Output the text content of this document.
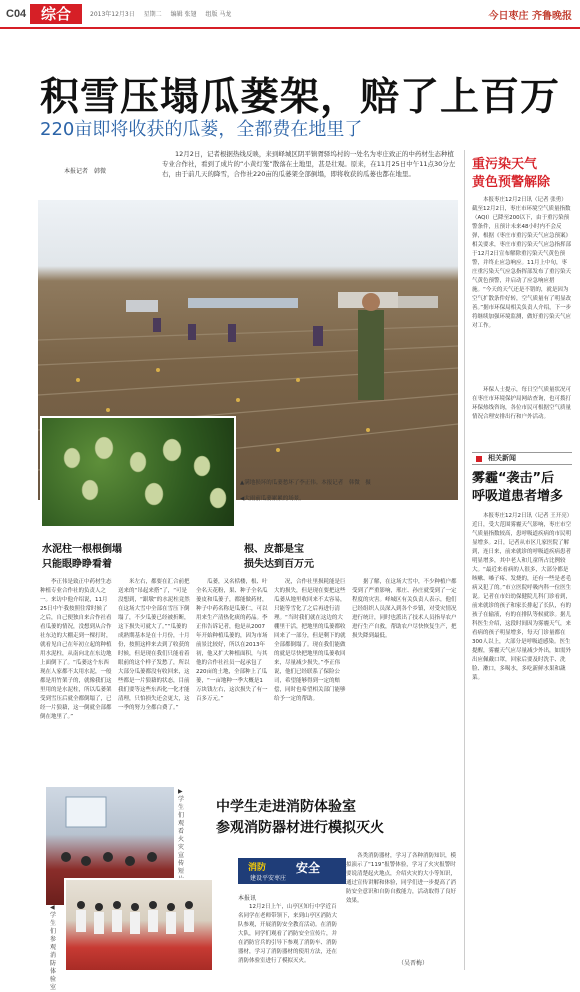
C04 综合	2013年12月3日 星期二 编辑 张翅 组版 马龙	今日枣庄 齐鲁晚报
积雪压塌瓜蒌架，赔了上百万
220亩即将收获的瓜蒌，全都费在地里了
本报记者　韩微

12月2日，记者根据热线反映，来到峄城区阴平镇胥驿坞村的一处名为枣庄致正的中药材生态种植专业合作社，看到了成片的“小黄灯笼”散落在土地里，甚是壮观。原来，在11月25日中午11点30分左右，由于前几天的降雪，合作社220亩的瓜蒌架全部倒塌，即将收获的瓜蒌也都在地里。

▲满地损坏的瓜蒌愁坏了李正伟。本报记者　韩微　摄
◀大雨前瓜蒌累累的场景。
水泥柱一根根倒塌
只能眼睁睁看着
根、皮都是宝
损失达到百万元

李正伟是致正中药材生态种植专业合作社的负责人之一。来访中他介绍说，11月25日中午我按照往常时候了之后，自己便独自来合作社看看瓜蒌的情况，没想到从合作社东边的大棚走到一棵打时，就看见自己在年初立起的种植用水泥柱，从南向北在东边地上面倒下了。“瓜蒌这个东西现在人家都不太用水泥，一般都是用竹架子的，就像我们这里用的是水泥柱，所以瓜蒌架受到雪压后就全都倒塌了，已经一片狼藉，这一倒就全部都倒在地里了。”

米左右，都要在汇合前把送来的“吊起来搭”了，“可是没想到，“跟墩”的水泥柱竟然在这场大雪中全部在雪压下倒塌了，不少瓜蒌已经被折断，这下损失可就大了。”“瓜蒌的成熟期基本是在十月份，十月份，按照这样来去到了收获的时候，但是现在我们只能看着眼前的这个样子发愁了，所以大部分瓜蒌都没有收回来，这些都是一片狼藉的状态，目前我们要等这些东西化一化才能清理，只怕损失还会更大，这一季的努力全都白费了。”

瓜蒌，又名栝楼，根、叶全名天花粉，果、种子全名瓜蒌皮和瓜蒌子，都能做药材，种子中药名称是瓜蒌仁，可以用来生产清热化痰的药品。李正伟告诉记者，他是从2007年开始种植瓜蒌的，因为市场前景比较好，所以在2013年初，他又扩大种植面积，与其他的合作社社员一起承包了220亩的土地，全部种上了瓜蒌，“一亩地种一季大概是1万块钱左右，这次损失了有一百多万元。”

况，合作社里损耗能是巨大的损失，但是现在要把这些瓜蒌从地里收回来不太容易，只能等雪化了之后再进行清理。“当时我们就在这边的大棚里干活，把地里的瓜蒌都收回来了一部分，但是剩下的就全部都倒塌了。现在我们能做的就是尽快把地里的瓜蒌收回来，尽量减少损失。”李正伟说，他们已经联系了保险公司，希望能够得到一定的赔偿，同时也希望相关部门能够给予一定的帮助。

据了解，在这场大雪中，不少种植户都受到了严重影响，邢庄、孙庄就受到了一定程度的灾害。峄城区有关负责人表示，他们已经组织人员深入到各个乡镇，对受灾情况进行统计，同时也派出了技术人员指导农户进行生产自救，帮助农户尽快恢复生产，把损失降到最低。

重污染天气
黄色预警解除

本报枣庄12月2日讯（记者 张勇）截至12月2日，枣庄市环境空气质量指数（AQI）已降至200以下，由于重污染预警条件，且预计未来48小时内不会反弹，根据《枣庄市重污染天气应急预案》相关要求，枣庄市重污染天气应急指挥部于12月2日宣布解除重污染天气黄色预警，并终止应急响应。11月上中旬，枣庄重污染天气应急指挥部发布了重污染天气黄色预警，并启动了应急响应措施。“今天的天气还是不错的，就是因为空气扩散条件好转，空气质量有了明显改善。”据市环保局相关负责人介绍，下一步将继续加强环境监测，做好重污染天气应对工作。

环保人士提示，每日空气质量状况可在枣庄市环境保护局网站查询，也可拨打环保热线咨询，各位市民可根据空气质量情况合理安排出行和户外活动。

相关新闻
雾霾“袭击”后
呼吸道患者增多

本报枣庄12月2日讯（记者 王开亮）近日，受大范围雾霾天气影响，枣庄市空气质量指数较高，患呼吸道疾病的市民明显增多。2日，记者从市区几家医院了解到，连日来，前来就诊的呼吸道疾病患者明显增多，其中老人和儿童所占比例较大。“最近来看病的人很多，大部分都是咳嗽、嗓子疼、发烧的，还有一些是老毛病又犯了的。”市立医院呼吸内科一位医生说。记者在市妇幼保健院儿科门诊看到，前来就诊的孩子和家长排起了长队，有的孩子在输液，有的在排队等候就诊。据儿科医生介绍，这段时间因为雾霾天气，来看病的孩子明显增多，每天门诊量都在300人以上，大部分是呼吸道感染。医生提醒，雾霾天气应尽量减少外出，如需外出应佩戴口罩，回家后要及时洗手、洗脸、漱口，多喝水，多吃新鲜水果和蔬菜。

中学生走进消防体验室
参观消防器材进行模拟灭火
▶学生们观看火灾宣传短
◀学生们参观消防体验室
消防 安全
建设平安枣庄
本报讯

12月2日上午，山亭区知行中学近百名同学在老师带领下，来到山亭区消防大队参观，开展消防安全教育活动。在消防大队，同学们观看了消防安全宣传片，并在消防官兵的引导下参观了消防车、消防器材，学习了消防器材的使用方法，还在消防体验室进行了模拟灭火。

各类消防器材，学习了各种消防知识，模拟演示了“119”报警体验，学习了火灾报警时要说清楚起火地点，介绍火灾的大小等知识，通过宣传讲解和体验，同学们进一步提高了消防安全意识和自防自救能力，活动取得了良好效果。

（吴晋梅）
